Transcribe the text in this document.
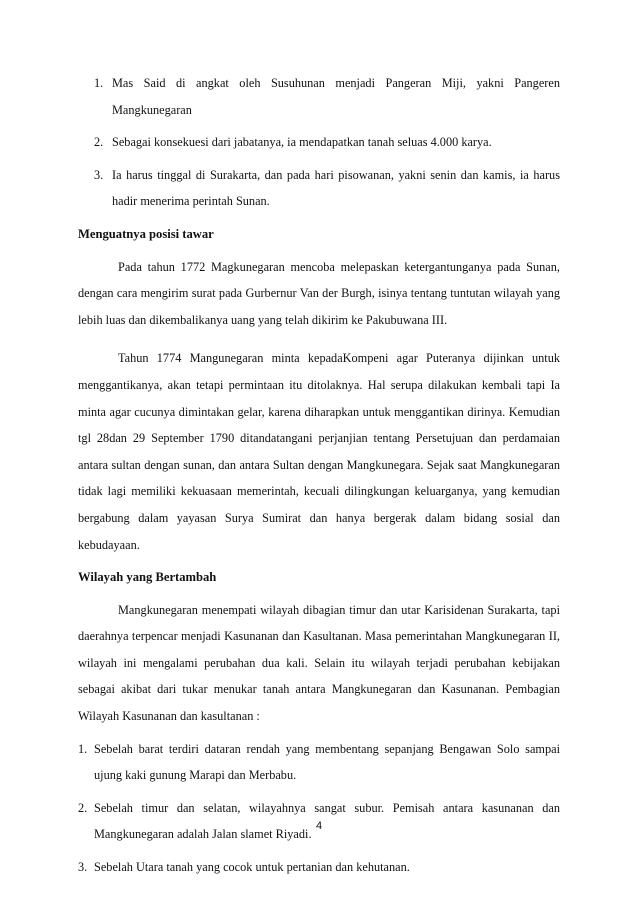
1. Mas Said di angkat oleh Susuhunan menjadi Pangeran Miji, yakni Pangeren Mangkunegaran
2. Sebagai konsekuesi dari jabatanya, ia mendapatkan tanah seluas 4.000 karya.
3. Ia harus tinggal di Surakarta, dan pada hari pisowanan, yakni senin dan kamis, ia harus hadir menerima perintah Sunan.
Menguatnya posisi tawar

Pada tahun 1772 Magkunegaran mencoba melepaskan ketergantunganya pada Sunan, dengan cara mengirim surat pada Gurbernur Van der Burgh, isinya tentang tuntutan wilayah yang lebih luas dan dikembalikanya uang yang telah dikirim ke Pakubuwana III.

Tahun 1774 Mangunegaran minta kepadaKompeni agar Puteranya dijinkan untuk menggantikanya, akan tetapi permintaan itu ditolaknya. Hal serupa dilakukan kembali tapi Ia minta agar cucunya dimintakan gelar, karena diharapkan untuk menggantikan dirinya. Kemudian tgl 28dan 29 September 1790 ditandatangani perjanjian tentang Persetujuan dan perdamaian antara sultan dengan sunan, dan antara Sultan dengan Mangkunegara. Sejak saat Mangkunegaran tidak lagi memiliki kekuasaan memerintah, kecuali dilingkungan keluarganya, yang kemudian bergabung dalam yayasan Surya Sumirat dan hanya bergerak dalam bidang sosial dan kebudayaan.

Wilayah yang Bertambah

Mangkunegaran menempati wilayah dibagian timur dan utar Karisidenan Surakarta, tapi daerahnya terpencar menjadi Kasunanan dan Kasultanan. Masa pemerintahan Mangkunegaran II, wilayah ini mengalami perubahan dua kali. Selain itu wilayah terjadi perubahan kebijakan sebagai akibat dari tukar menukar tanah antara Mangkunegaran dan Kasunanan. Pembagian Wilayah Kasunanan dan kasultanan :

1. Sebelah barat terdiri dataran rendah yang membentang sepanjang Bengawan Solo sampai ujung kaki gunung Marapi dan Merbabu.
2. Sebelah timur dan selatan, wilayahnya sangat subur. Pemisah antara kasunanan dan Mangkunegaran adalah Jalan slamet Riyadi.
3. Sebelah Utara tanah yang cocok untuk pertanian dan kehutanan.
4
